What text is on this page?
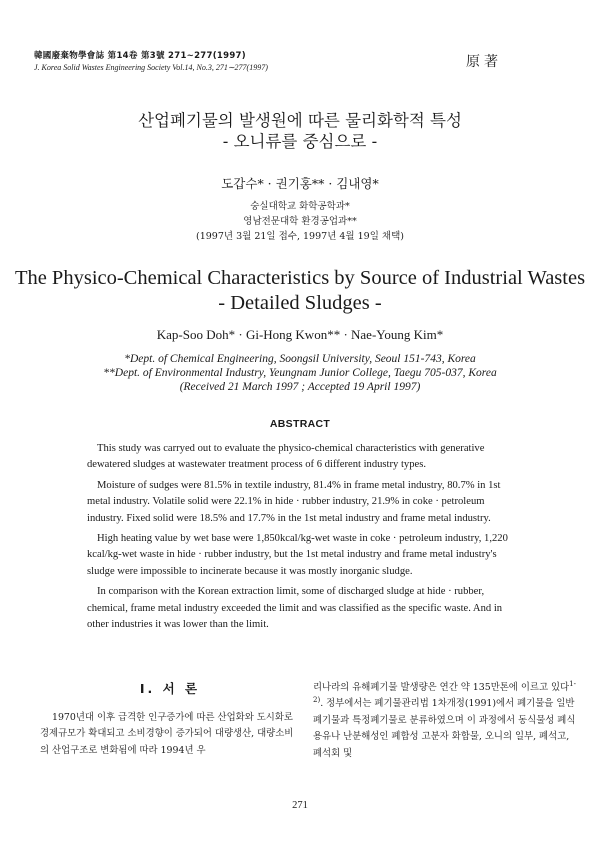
韓國廢棄物學會誌 第14卷 第3號 271∼277(1997)
J. Korea Solid Wastes Engineering Society Vol.14, No.3, 271∼277(1997)	原著
산업폐기물의 발생원에 따른 물리화학적 특성
- 오니류를 중심으로 -
도갑수* · 권기홍** · 김내영*
숭실대학교 화학공학과*
영남전문대학 환경공업과**
(1997년 3월 21일 접수, 1997년 4월 19일 채택)
The Physico-Chemical Characteristics by Source of Industrial Wastes
- Detailed Sludges -
Kap-Soo Doh* · Gi-Hong Kwon** · Nae-Young Kim*
*Dept. of Chemical Engineering, Soongsil University, Seoul 151-743, Korea
**Dept. of Environmental Industry, Yeungnam Junior College, Taegu 705-037, Korea
(Received 21 March 1997 ; Accepted 19 April 1997)
ABSTRACT

This study was carryed out to evaluate the physico-chemical characteristics with generative dewatered sludges at wastewater treatment process of 6 different industry types.

Moisture of sudges were 81.5% in textile industry, 81.4% in frame metal industry, 80.7% in 1st metal industry. Volatile solid were 22.1% in hide · rubber industry, 21.9% in coke · petroleum industry. Fixed solid were 18.5% and 17.7% in the 1st metal industry and frame metal industry.

High heating value by wet base were 1,850kcal/kg-wet waste in coke · petroleum industry, 1,220 kcal/kg-wet waste in hide · rubber industry, but the 1st metal industry and frame metal industry's sludge were impossible to incinerate because it was mostly inorganic sludge.

In comparison with the Korean extraction limit, some of discharged sludge at hide · rubber, chemical, frame metal industry exceeded the limit and was classified as the specific waste. And in other industries it was lower than the limit.

I. 서 론

1970년대 이후 급격한 인구증가에 따른 산업화와 도시화로 경제규모가 확대되고 소비경향이 증가되어 대량생산, 대량소비의 산업구조로 변화됨에 따라 1994년 우

리나라의 유해폐기물 발생량은 연간 약 135만톤에 이르고 있다$^{1-2)}$. 정부에서는 폐기물관리법 1차개정(1991)에서 폐기물을 일반폐기물과 특정폐기물로 분류하였으며 이 과정에서 동식물성 폐식용유나 난분해성인 폐합성 고분자 화합물, 오니의 일부, 폐석고, 폐석회 및

271
